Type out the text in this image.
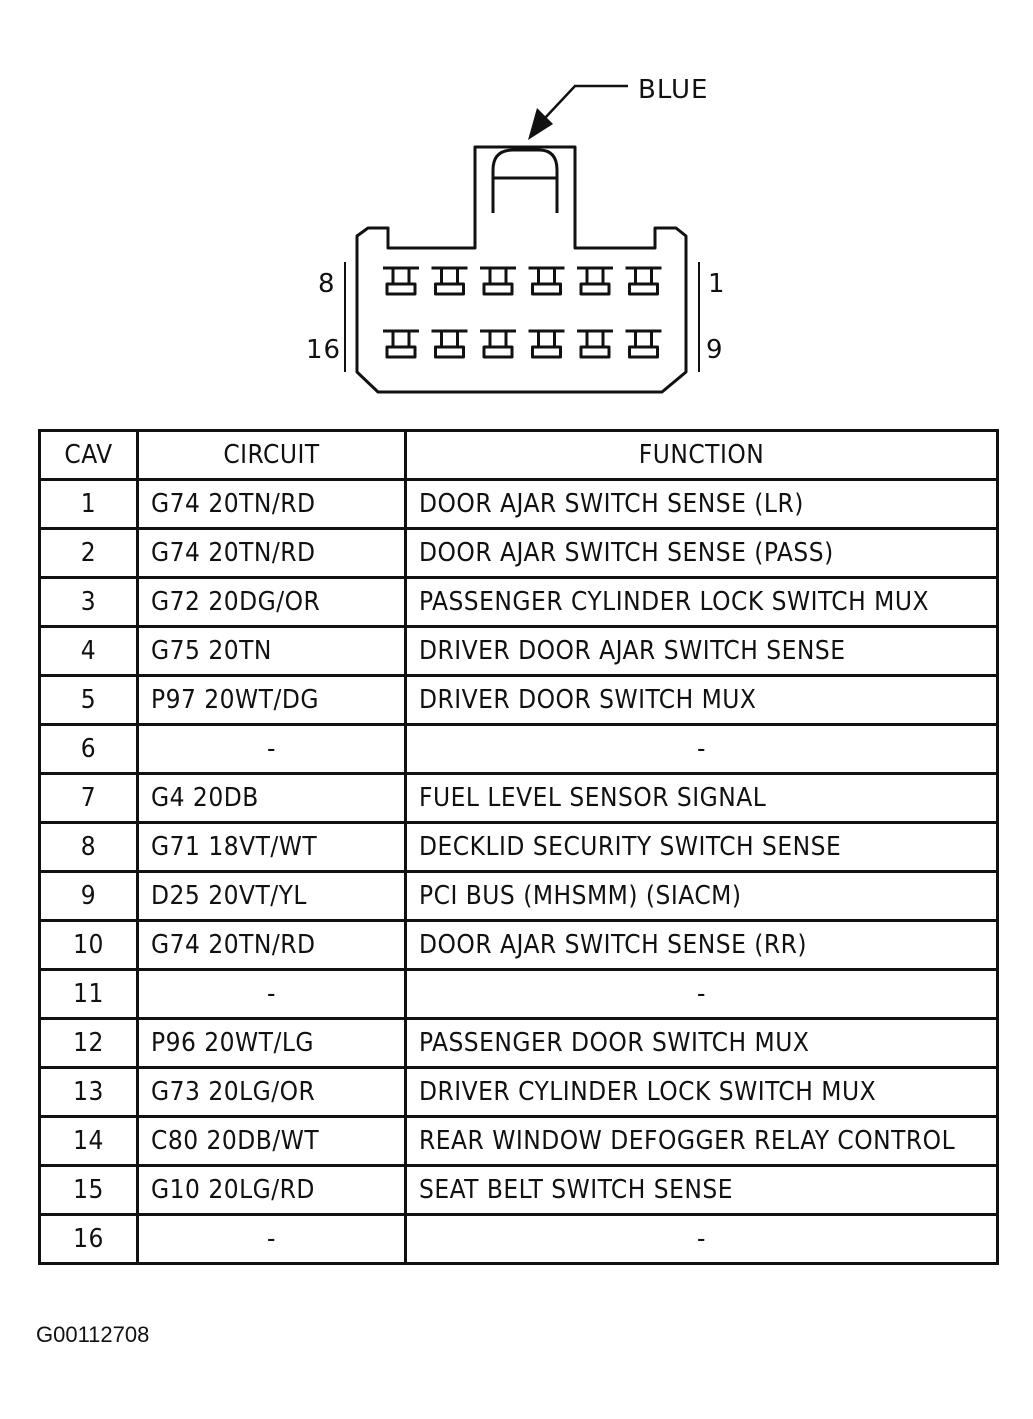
BLUE
8	1
16	9
CAV	CIRCUIT	FUNCTION
1	G74 20TN/RD	DOOR AJAR SWITCH SENSE (LR)
2	G74 20TN/RD	DOOR AJAR SWITCH SENSE (PASS)
3	G72 20DG/OR	PASSENGER CYLINDER LOCK SWITCH MUX
4	G75 20TN	DRIVER DOOR AJAR SWITCH SENSE
5	P97 20WT/DG	DRIVER DOOR SWITCH MUX
6	-	-
7	G4 20DB	FUEL LEVEL SENSOR SIGNAL
8	G71 18VT/WT	DECKLID SECURITY SWITCH SENSE
9	D25 20VT/YL	PCI BUS (MHSMM) (SIACM)
10	G74 20TN/RD	DOOR AJAR SWITCH SENSE (RR)
11	-	-
12	P96 20WT/LG	PASSENGER DOOR SWITCH MUX
13	G73 20LG/OR	DRIVER CYLINDER LOCK SWITCH MUX
14	C80 20DB/WT	REAR WINDOW DEFOGGER RELAY CONTROL
15	G10 20LG/RD	SEAT BELT SWITCH SENSE
16	-	-
G00112708
